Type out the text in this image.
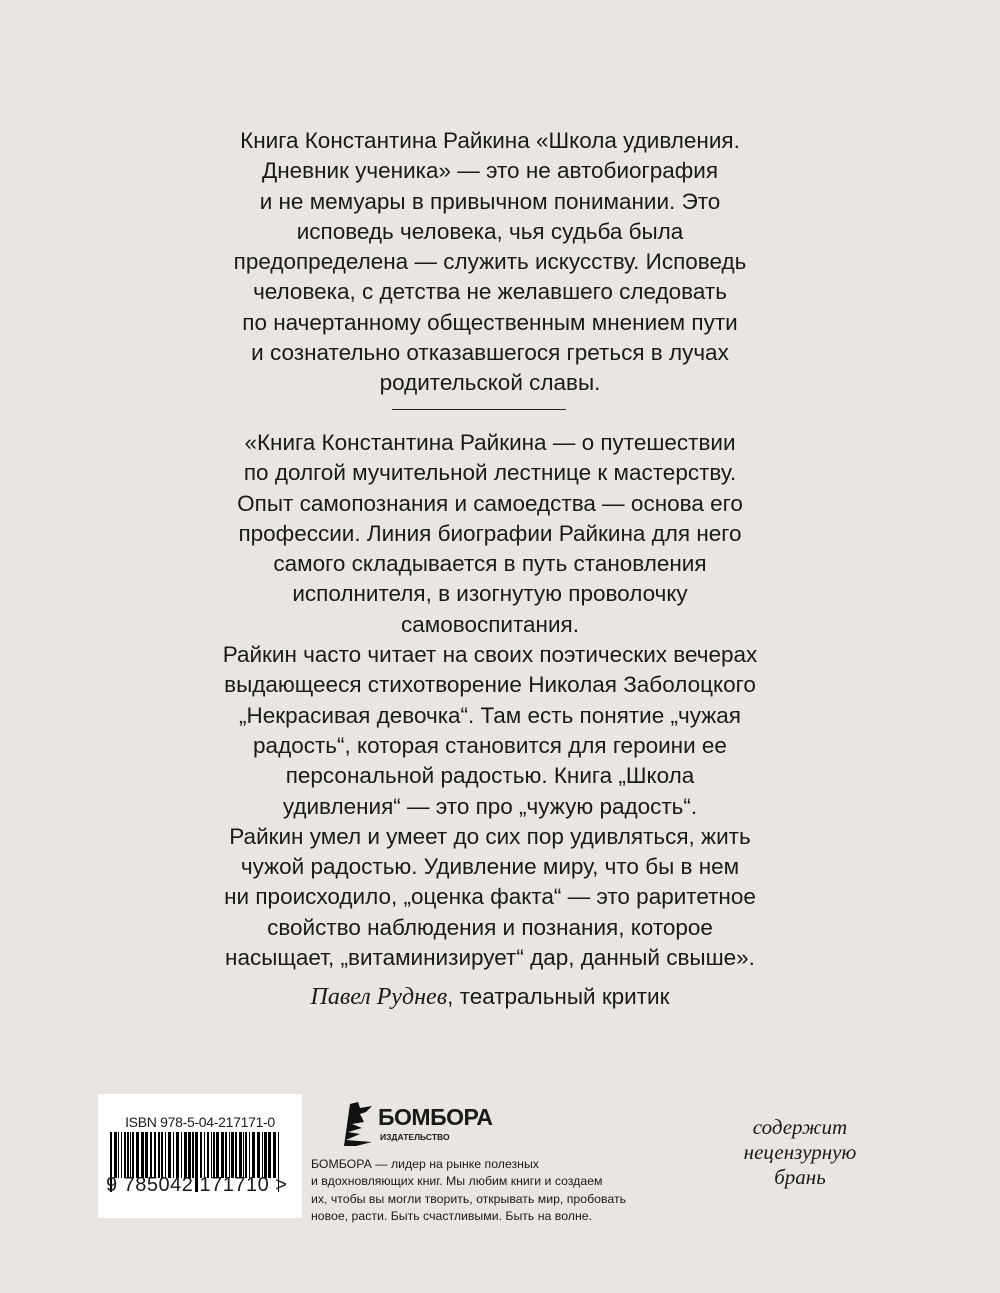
Книга Константина Райкина «Школа удивления.
Дневник ученика» — это не автобиография
и не мемуары в привычном понимании. Это
исповедь человека, чья судьба была
предопределена — служить искусству. Исповедь
человека, с детства не желавшего следовать
по начертанному общественным мнением пути
и сознательно отказавшегося греться в лучах
родительской славы.
«Книга Константина Райкина — о путешествии
по долгой мучительной лестнице к мастерству.
Опыт самопознания и самоедства — основа его
профессии. Линия биографии Райкина для него
самого складывается в путь становления
исполнителя, в изогнутую проволочку
самовоспитания.
Райкин часто читает на своих поэтических вечерах
выдающееся стихотворение Николая Заболоцкого
„Некрасивая девочка“. Там есть понятие „чужая
радость“, которая становится для героини ее
персональной радостью. Книга „Школа
удивления“ — это про „чужую радость“.
Райкин умел и умеет до сих пор удивляться, жить
чужой радостью. Удивление миру, что бы в нем
ни происходило, „оценка факта“ — это раритетное
свойство наблюдения и познания, которое
насыщает, „витаминизирует“ дар, данный свыше».
Павел Руднев, театральный критик
ISBN 978-5-04-217171-0
9 785042 171710 >
БОМБОРА
ИЗДАТЕЛЬСТВО
БОМБОРА — лидер на рынке полезных
и вдохновляющих книг. Мы любим книги и создаем
их, чтобы вы могли творить, открывать мир, пробовать
новое, расти. Быть счастливыми. Быть на волне.
содержит
нецензурную
брань
